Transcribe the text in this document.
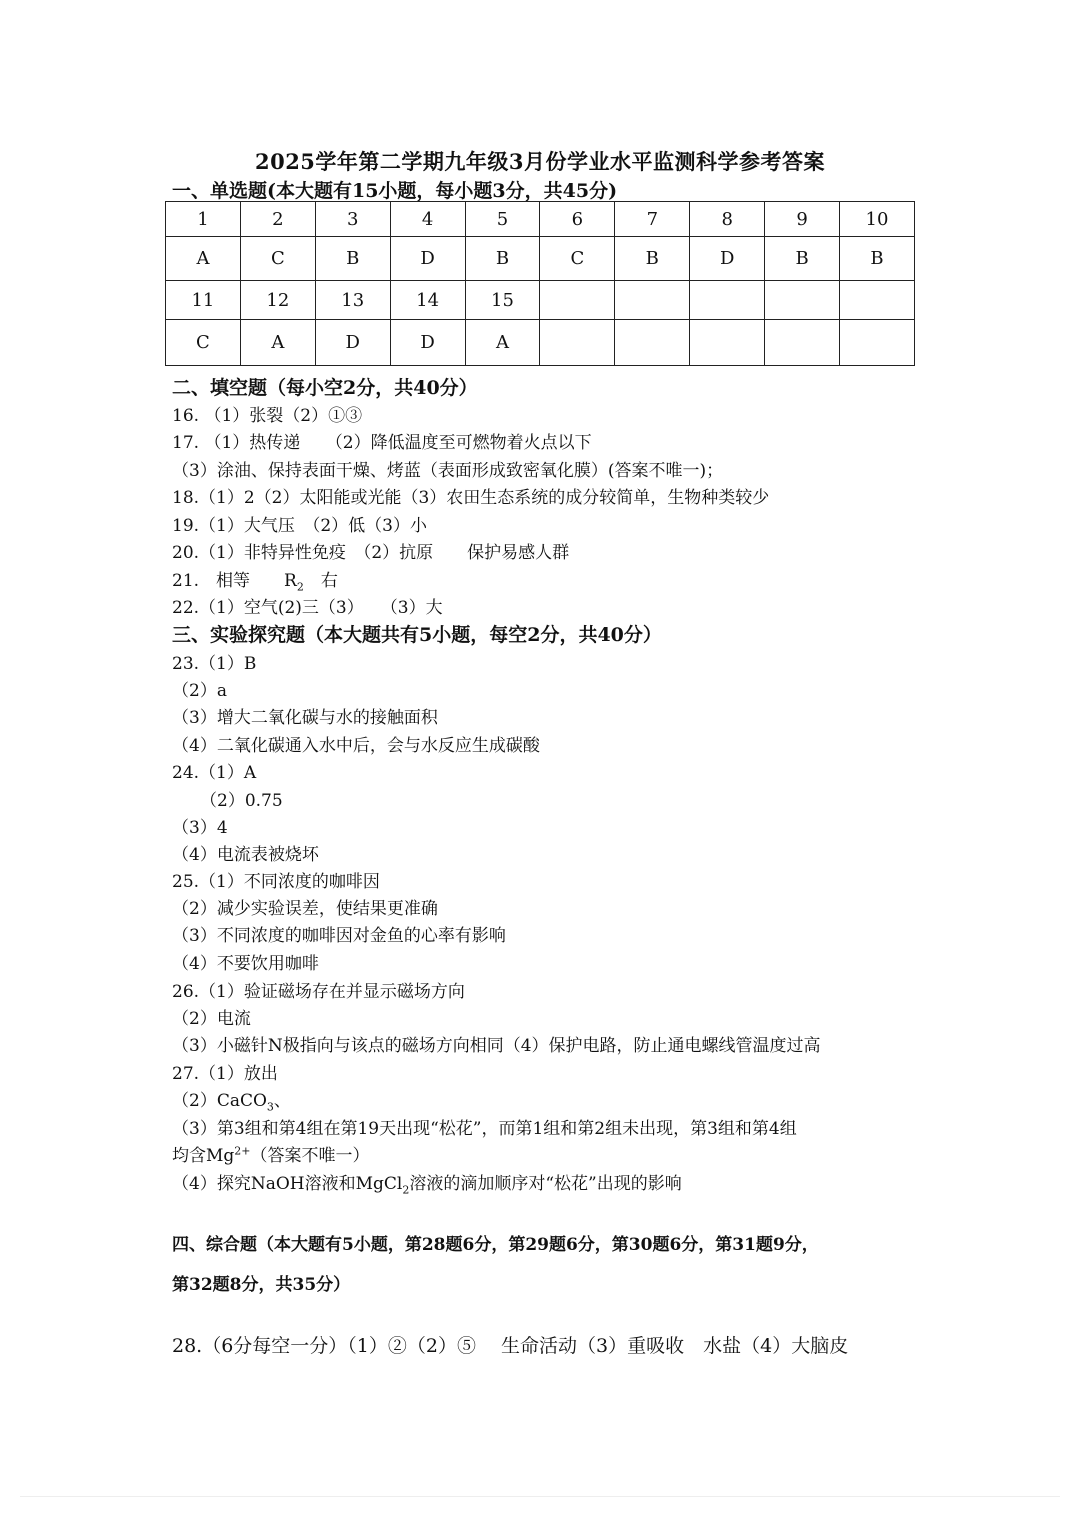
2025学年第二学期九年级3月份学业水平监测科学参考答案
一、单选题(本大题有15小题，每小题3分，共45分)
1	2	3	4	5	6	7	8	9	10
A	C	B	D	B	C	B	D	B	B
11	12	13	14	15					
C	A	D	D	A					
二、填空题（每小空2分，共40分）
16. （1）张裂（2）①③
17. （1）热传递　　（2）降低温度至可燃物着火点以下
（3）涂油、保持表面干燥、烤蓝（表面形成致密氧化膜）(答案不唯一)；
18.（1）2（2）太阳能或光能（3）农田生态系统的成分较简单，生物种类较少
19.（1）大气压　（2）低（3）小
20.（1）非特异性免疫　（2）抗原　　保护易感人群
21.　相等　　$R_2$　右
22.（1）空气(2)三（3）　　（3）大
三、实验探究题（本大题共有5小题，每空2分，共40分）
23.（1）B
（2）a
（3）增大二氧化碳与水的接触面积
（4）二氧化碳通入水中后，会与水反应生成碳酸
24.（1）A
（2）0.75
（3）4
（4）电流表被烧坏
25.（1）不同浓度的咖啡因
（2）减少实验误差，使结果更准确
（3）不同浓度的咖啡因对金鱼的心率有影响
（4）不要饮用咖啡
26.（1）验证磁场存在并显示磁场方向
（2）电流
（3）小磁针N极指向与该点的磁场方向相同（4）保护电路，防止通电螺线管温度过高
27.（1）放出
（2）CaCO$_3$、
（3）第3组和第4组在第19天出现“松花”，而第1组和第2组未出现，第3组和第4组
均含$Mg^{2+}$（答案不唯一）
（4）探究NaOH溶液和MgCl$_2$溶液的滴加顺序对“松花”出现的影响
四、综合题（本大题有5小题，第28题6分，第29题6分，第30题6分，第31题9分，
第32题8分，共35分）
28.（6分每空一分）（1）②（2）⑤　 生命活动（3）重吸收　水盐（4）大脑皮
